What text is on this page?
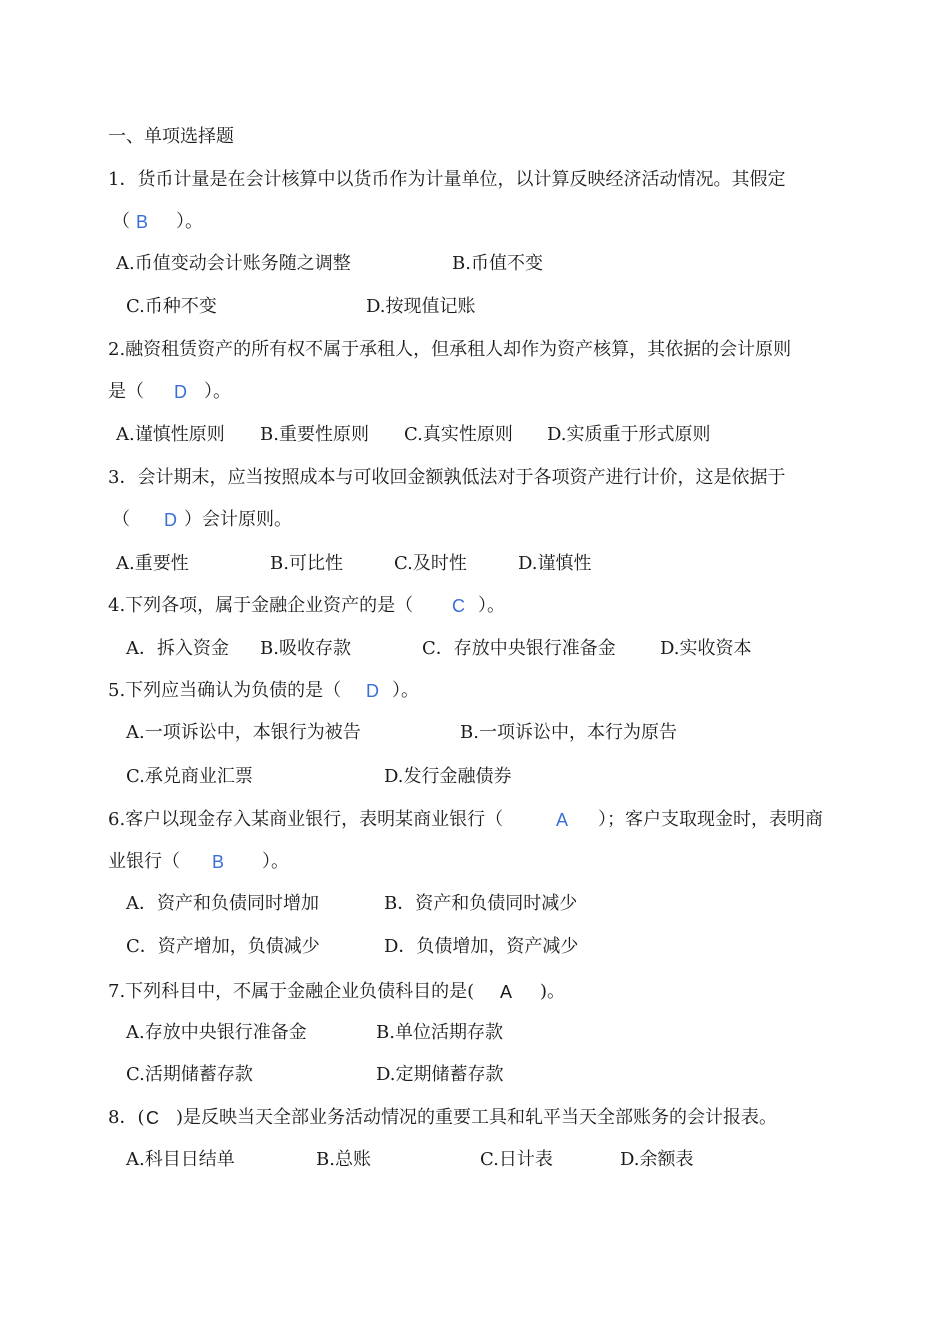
一、单项选择题
1．货币计量是在会计核算中以货币作为计量单位，以计算反映经济活动情况。其假定
（ B ）。
A.币值变动会计账务随之调整	B.币值不变
C.币种不变	D.按现值记账
2.融资租赁资产的所有权不属于承租人，但承租人却作为资产核算，其依据的会计原则
是（ D ）。
A.谨慎性原则 B.重要性原则 C.真实性原则 D.实质重于形式原则
3．会计期末，应当按照成本与可收回金额孰低法对于各项资产进行计价，这是依据于
（ D ）会计原则。
A.重要性	B.可比性	C.及时性	D.谨慎性
4.下列各项，属于金融企业资产的是（ C ）。
A．拆入资金 B.吸收存款	C．存放中央银行准备金 D.实收资本
5.下列应当确认为负债的是（ D ）。
A.一项诉讼中，本银行为被告	B.一项诉讼中，本行为原告
C.承兑商业汇票	D.发行金融债券
6.客户以现金存入某商业银行，表明某商业银行（	A ）；客户支取现金时，表明商
业银行（ B ）。
A．资产和负债同时增加	B．资产和负债同时减少
C．资产增加，负债减少	D．负债增加，资产减少
7.下列科目中，不属于金融企业负债科目的是( A )。
A.存放中央银行准备金	B.单位活期存款
C.活期储蓄存款	D.定期储蓄存款
8．( C )是反映当天全部业务活动情况的重要工具和轧平当天全部账务的会计报表。
A.科目日结单	B.总账	C.日计表	D.余额表
